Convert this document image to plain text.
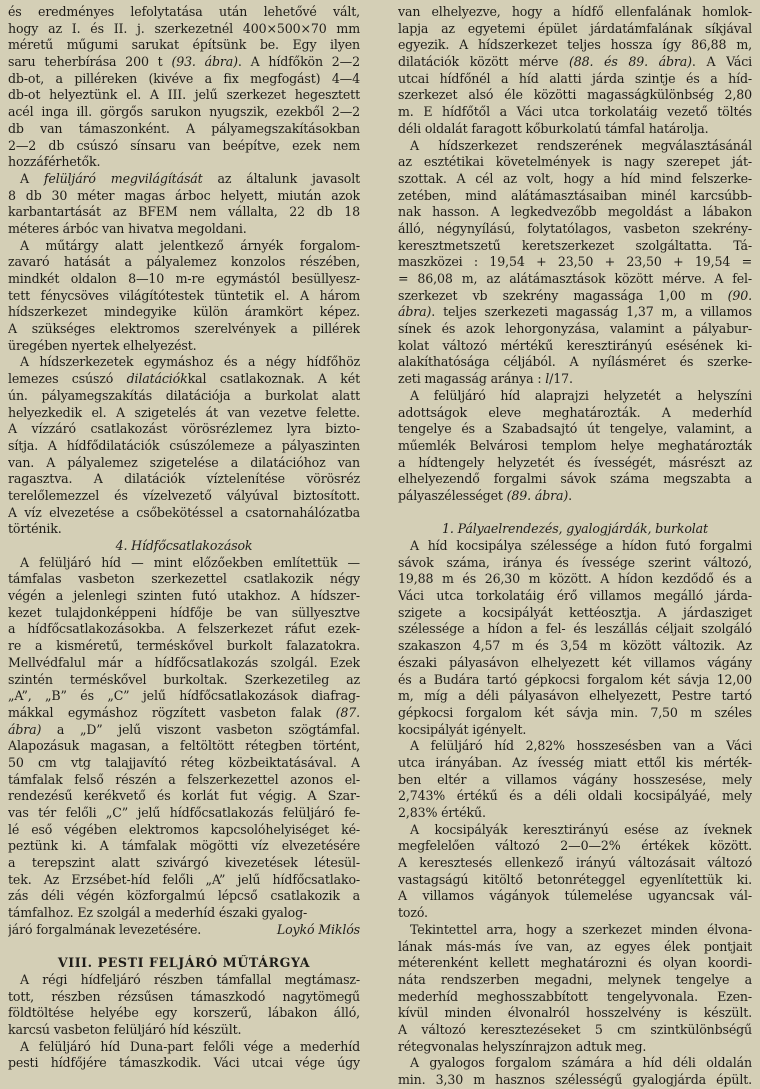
és eredményes lefolytatása után lehetővé vált,
hogy az I. és II. j. szerkezetnél 400×500×70 mm
méretű műgumi sarukat építsünk be. Egy ilyen
saru teherbírása 200 t (93. ábra). A hídfőkön 2—2
db-ot, a pilléreken (kivéve a fix megfogást) 4—4
db-ot helyeztünk el. A III. jelű szerkezet hegesztett
acél inga ill. görgős sarukon nyugszik, ezekből 2—2
db van támaszonként. A pályamegszakításokban
2—2 db csúszó sínsaru van beépítve, ezek nem
hozzáférhetők.
A felüljáró megvilágítását az általunk javasolt
8 db 30 méter magas árboc helyett, miután azok
karbantartását az BFEM nem vállalta, 22 db 18
méteres árbóc van hivatva megoldani.
A műtárgy alatt jelentkező árnyék forgalom-
zavaró hatását a pályalemez konzolos részében,
mindkét oldalon 8—10 m-re egymástól besüllyesz-
tett fénycsöves világítótestek tüntetik el. A három
hídszerkezet mindegyike külön áramkört képez.
A szükséges elektromos szerelvények a pillérek
üregében nyertek elhelyezést.
A hídszerkezetek egymáshoz és a négy hídfőhöz
lemezes csúszó dilatációkkal csatlakoznak. A két
ún. pályamegszakítás dilatációja a burkolat alatt
helyezkedik el. A szigetelés át van vezetve felette.
A vízzáró csatlakozást vörösrézlemez lyra bizto-
sítja. A hídfődilatációk csúszólemeze a pályaszinten
van. A pályalemez szigetelése a dilatációhoz van
ragasztva. A dilatációk víztelenítése vörösréz
terelőlemezzel és vízelvezető vályúval biztosított.
A víz elvezetése a csőbekötéssel a csatornahálózatba
történik.
4. Hídfőcsatlakozások
A felüljáró híd — mint előzőekben említettük —
támfalas vasbeton szerkezettel csatlakozik négy
végén a jelenlegi szinten futó utakhoz. A hídszer-
kezet tulajdonképpeni hídfője be van süllyesztve
a hídfőcsatlakozásokba. A felszerkezet ráfut ezek-
re a kisméretű, terméskővel burkolt falazatokra.
Mellvédfalul már a hídfőcsatlakozás szolgál. Ezek
szintén terméskővel burkoltak. Szerkezetileg az
„A”, „B” és „C” jelű hídfőcsatlakozások diafrag-
mákkal egymáshoz rögzített vasbeton falak (87.
ábra) a „D” jelű viszont vasbeton szögtámfal.
Alapozásuk magasan, a feltöltött rétegben történt,
50 cm vtg talajjavító réteg közbeiktatásával. A
támfalak felső részén a felszerkezettel azonos el-
rendezésű kerékvető és korlát fut végig. A Szar-
vas tér felőli „C” jelű hídfőcsatlakozás felüljáró fe-
lé eső végében elektromos kapcsolóhelyiséget ké-
peztünk ki. A támfalak mögötti víz elvezetésére
a terepszint alatt szivárgó kivezetések létesül-
tek. Az Erzsébet-híd felőli „A” jelű hídfőcsatlako-
zás déli végén közforgalmú lépcső csatlakozik a
támfalhoz. Ez szolgál a mederhíd északi gyalog-
járó forgalmának levezetésére.	Loykó Miklós
VIII. PESTI FELJÁRÓ MŰTÁRGYA
A régi hídfeljáró részben támfallal megtámasz-
tott, részben rézsűsen támaszkodó nagytömegű
földtöltése helyébe egy korszerű, lábakon álló,
karcsú vasbeton felüljáró híd készült.
A felüljáró híd Duna-part felőli vége a mederhíd
pesti hídfőjére támaszkodik. Váci utcai vége úgy
van elhelyezve, hogy a hídfő ellenfalának homlok-
lapja az egyetemi épület járdatámfalának síkjával
egyezik. A hídszerkezet teljes hossza így 86,88 m,
dilatációk között mérve (88. és 89. ábra). A Váci
utcai hídfőnél a híd alatti járda szintje és a híd-
szerkezet alsó éle közötti magasságkülönbség 2,80
m. E hídfőtől a Váci utca torkolatáig vezető töltés
déli oldalát faragott kőburkolatú támfal határolja.
A hídszerkezet rendszerének megválasztásánál
az esztétikai követelmények is nagy szerepet ját-
szottak. A cél az volt, hogy a híd mind felszerke-
zetében, mind alátámasztásaiban minél karcsúbb-
nak hasson. A legkedvezőbb megoldást a lábakon
álló, négynyílású, folytatólagos, vasbeton szekrény-
keresztmetszetű keretszerkezet szolgáltatta. Tá-
maszközei : 19,54 + 23,50 + 23,50 + 19,54 =
= 86,08 m, az alátámasztások között mérve. A fel-
szerkezet vb szekrény magassága 1,00 m (90.
ábra). teljes szerkezeti magasság 1,37 m, a villamos
sínek és azok lehorgonyzása, valamint a pályabur-
kolat változó mértékű keresztirányú esésének ki-
alakíthatósága céljából. A nyílásméret és szerke-
zeti magasság aránya : l/17.
A felüljáró híd alaprajzi helyzetét a helyszíni
adottságok eleve meghatározták. A mederhíd
tengelye és a Szabadsajtó út tengelye, valamint, a
műemlék Belvárosi templom helye meghatározták
a hídtengely helyzetét és ívességét, másrészt az
elhelyezendő forgalmi sávok száma megszabta a
pályaszélességet (89. ábra).
1. Pályaelrendezés, gyalogjárdák, burkolat
A híd kocsipálya szélessége a hídon futó forgalmi
sávok száma, iránya és ívessége szerint változó,
19,88 m és 26,30 m között. A hídon kezdődő és a
Váci utca torkolatáig érő villamos megálló járda-
szigete a kocsipályát kettéosztja. A járdasziget
szélessége a hídon a fel- és leszállás céljait szolgáló
szakaszon 4,57 m és 3,54 m között változik. Az
északi pályasávon elhelyezett két villamos vágány
és a Budára tartó gépkocsi forgalom két sávja 12,00
m, míg a déli pályasávon elhelyezett, Pestre tartó
gépkocsi forgalom két sávja min. 7,50 m széles
kocsipályát igényelt.
A felüljáró híd 2,82% hosszesésben van a Váci
utca irányában. Az ívesség miatt ettől kis mérték-
ben eltér a villamos vágány hosszesése, mely
2,743% értékű és a déli oldali kocsipályáé, mely
2,83% értékű.
A kocsipályák keresztirányú esése az íveknek
megfelelően változó 2—0—2% értékek között.
A keresztesés ellenkező irányú változásait változó
vastagságú kitöltő betonréteggel egyenlítettük ki.
A villamos vágányok túlemelése ugyancsak vál-
tozó.
Tekintettel arra, hogy a szerkezet minden élvona-
lának más-más íve van, az egyes élek pontjait
méterenként kellett meghatározni és olyan koordi-
náta rendszerben megadni, melynek tengelye a
mederhíd meghosszabbított tengelyvonala. Ezen-
kívül minden élvonalról hosszelvény is készült.
A változó keresztezéseket 5 cm szintkülönbségű
rétegvonalas helyszínrajzon adtuk meg.
A gyalogos forgalom számára a híd déli oldalán
min. 3,30 m hasznos szélességű gyalogjárda épült.
